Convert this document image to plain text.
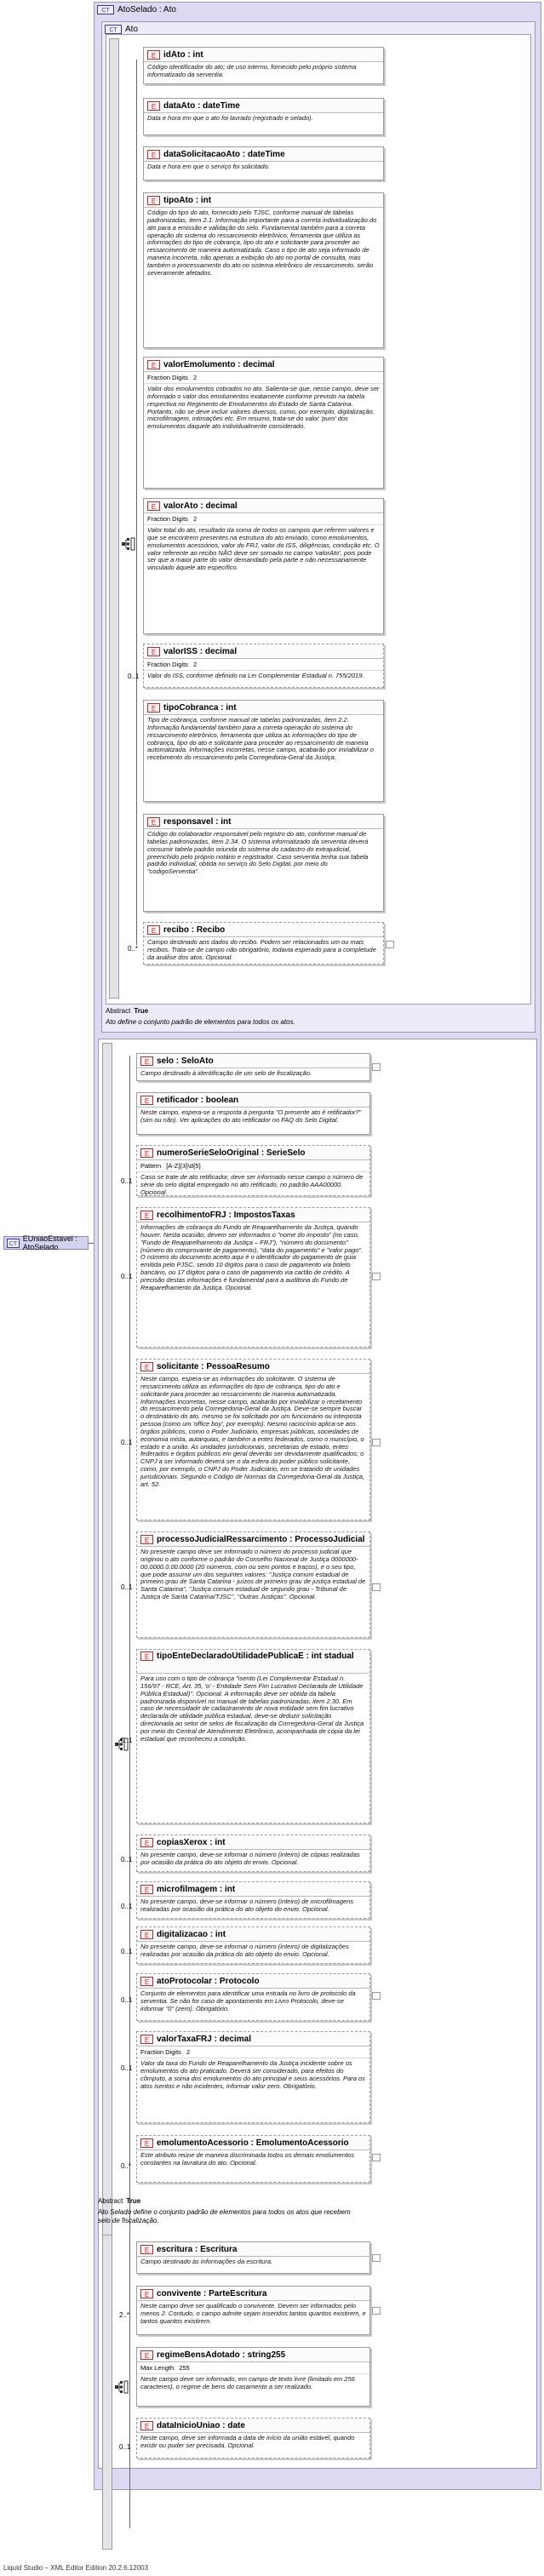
CT
EUniaoEstavel : AtoSelado
CT AtoSelado : Ato
CT Ato
E idAto : int
Código identificador do ato; de uso interno, fornecido pelo próprio sistema informatizado da serventia.
E dataAto : dateTime
Data e hora em que o ato foi lavrado (registrado e selado).
E dataSolicitacaoAto : dateTime
Data e hora em que o serviço foi solicitado.
E tipoAto : int
Código do tipo do ato, fornecido pelo TJSC, conforme manual de tabelas padronizadas, item 2.1. Informação importante para a correta individualização do ato para a emissão e validação do selo. Fundamental também para a correta operação do sistema do ressarcimento eletrônico, ferramenta que utiliza as informações do tipo de cobrança, tipo do ato e solicitante para proceder ao ressarcimento de maneira automatizada. Caso o tipo de ato seja informado de maneira incorreta, não apenas a exibição do ato no portal de consulta, mas também o processamento do ato no sistema eletrônico de ressarcimento, serão severamente afetados.
E valorEmolumento : decimal
Fraction Digits 2
Valor dos emolumentos cobrados no ato. Salienta-se que, nesse campo, deve ser informado o valor dos emolumentos exatamente conforme previsto na tabela respectiva no Regimento de Emolumentos do Estado de Santa Catarina. Portanto, não se deve incluir valores diversos, como, por exemplo, digitalização, microfilmagem, intimações etc. Em resumo, trata-se do valor 'puro' dos emolumentos daquele ato individualmente considerado.
E valorAto : decimal
Fraction Digits 2
Valor total do ato, resultado da soma de todos os campos que referem valores e que se encontrem presentes na estrutura do ato enviado, como emolumentos, emolumentos acessórios, valor do FRJ, valor do ISS, diligências, condução etc. O valor referente ao recibo NÃO deve ser somado no campo 'valorAto', pois pode ser que a maior parte do valor demandado pela parte e não necessariamente vinculado àquele ato específico.
0..1
E valorISS : decimal
Fraction Digits 2
Valor do ISS, conforme definido na Lei Complementar Estadual n. 755/2019.
E tipoCobranca : int
Tipo de cobrança, conforme manual de tabelas padronizadas, item 2.2. Informação fundamental também para a correta operação do sistema do ressarcimento eletrônico, ferramenta que utiliza as informações do tipo de cobrança, tipo do ato e solicitante para proceder ao ressarcimento de maneira automatizada. Informações incorretas, nesse campo, acabarão por inviabilizar o recebimento do ressarcimento pela Corregedoria-Geral da Justiça.
E responsavel : int
Código do colaborador responsável pelo registro do ato, conforme manual de tabelas padronizadas, item 2.34. O sistema informatizado da serventia deverá consumir tabela padrão oriunda do sistema do cadastro do extrajudicial, preenchido pelo próprio notário e registrador. Caso serventia tenha sua tabela padrão individual, obtida no serviço do Selo Digital, por meio do "codigoServentia".
0..*
E recibo : Recibo
Campo destinado aos dados do recibo. Podem ser relacionados um ou mais recibos. Trata-se de campo não obrigatório, todavia esperado para a completude da análise dos atos. Opcional.
Abstract True
Ato define o conjunto padrão de elementos para todos os atos.
E selo : SeloAto
Campo destinado à identificação de um selo de fiscalização.
E retificador : boolean
Neste campo, espera-se a resposta à pergunta "O presente ato é retificador?" (sim ou não). Ver aplicações do ato retificador no FAQ do Selo Digital.
0..1
E numeroSerieSeloOriginal : SerieSelo
Pattern [A-Z]{3}\d{5}
Caso se trate de ato retificador, deve ser informado nesse campo o número de série do selo digital empregado no ato retificado, no padrão AAA00000. Opcional.
0..1
E recolhimentoFRJ : ImpostosTaxas
Informações de cobrança do Fundo de Reaparelhamento da Justiça, quando houver. Nesta ocasião, devem ser informados o "nome do imposto" (no caso, "Fundo de Reaparelhamento da Justiça – FRJ"), "número do documento" (número do comprovante de pagamento), "data do pagamento" e "valor pago". O número do documento aceito aqui é o identificador do pagamento de guia emitida pelo PJSC, sendo 10 dígitos para o caso de pagamento via boleto bancário, ou 17 dígitos para o caso de pagamento via cartão de crédito. A precisão destas informações é fundamental para a auditoria do Fundo de Reaparelhamento da Justiça. Opcional.
0..1
E solicitante : PessoaResumo
Neste campo, espera-se as informações do solicitante. O sistema de ressarcimento utiliza as informações do tipo de cobrança, tipo do ato e solicitante para proceder ao ressarcimento de maneira automatizada. Informações incorretas, nesse campo, acabarão por inviabilizar o recebimento do ressarcimento pela Corregedoria-Geral da Justiça. Deve-se sempre buscar o destinatário do ato, mesmo se foi solicitado por um funcionário ou interposta pessoa (como um 'office boy', por exemplo). Nesmo raciocínio aplica-se aos órgãos públicos, como o Poder Judiciário, empresas públicas, sociedades de economia mista, autarquias, e também a entes federados, como o município, o estado e a união. As unidades jurisdicionais, secretarias de estado, entes federados e órgãos públicos em geral deverão ser devidamente qualificados; o CNPJ a ser informado deverá ser o da esfera do poder público solicitante, como, por exemplo, o CNPJ do Poder Judiciário, em se tratando de unidades jurisdicionais. Segundo o Código de Normas da Corregedoria-Geral da Justiça, art. 52.
0..1
E processoJudicialRessarcimento : ProcessoJudicial
No presente campo deve ser informado o número do processo judicial que originou o ato conforme o padrão do Conselho Nacional de Justiça 0000000-00.0000.0.00.0000 (20 números, com ou sem pontos e traços), e o seu tipo, que pode assumir um dos seguintes valores: "Justiça comum estadual de primeiro grau de Santa Catarina - juízos de primeiro grau de justiça estadual de Santa Catarina", "Justiça comum estadual de segundo grau - Tribunal de Justiça de Santa Catarina/TJSC", "Outras Justiças". Opcional.
0..1
E tipoEnteDeclaradoUtilidadePublicaE : int stadual
Para uso com o tipo de cobrança "isento (Lei Complementar Estadual n. 156/97 - RCE, Art. 35, 'o' - Entidade Sem Fim Lucrativo Declarada de Utilidade Pública Estadual)". Opcional. A informação deve ser obtida da tabela padronizada disponível no manual de tabelas padronizadas, item 2.30. Em caso de necessidade de cadastramento de nova entidade sem fim lucrativo declarada de utilidade pública estadual, deve-se deduzir solicitação direcionada ao setor de selos de fiscalização da Corregedoria-Geral da Justiça por meio do Central de Atendimento Eletrônico, acompanhada de cópia da lei estadual que reconheceu a condição.
0..1
E copiasXerox : int
No presente campo, deve-se informar o número (inteiro) de cópias realizadas por ocasião da prática do ato objeto do envio. Opcional.
0..1
E microfilmagem : int
No presente campo, deve-se informar o número (inteiro) de microfilmagens realizadas por ocasião da prática do ato objeto do envio. Opcional.
0..1
E digitalizacao : int
No presente campo, deve-se informar o número (inteiro) de digitalizações realizadas por ocasião da prática do ato objeto do envio. Opcional.
0..1
E atoProtocolar : Protocolo
Conjunto de elementos para identificar uma entrada no livro de protocolo da serventia. Se não for caso de apontamento em Livro Protocolo, deve-se informar "0" (zero). Obrigatório.
0..1
E valorTaxaFRJ : decimal
Fraction Digits 2
Valor da taxa do Fundo de Reaparelhamento da Justiça incidente sobre os emolumentos do ato praticado. Deverá ser considerado, para efeitos do cômputo, a soma dos emolumentos do ato principal e seus acessórios. Para os atos isentos e não incidentes, informar valor zero. Obrigatório.
0..*
E emolumentoAcessorio : EmolumentoAcessorio
Este atributo reúne de maneira discriminada todos os demais emolumentos constantes na lavratura do ato. Opcional.
Abstract True
Ato Selado define o conjunto padrão de elementos para todos os atos que recebem selo de fiscalização.
E escritura : Escritura
Campo destinado às informações da escritura.
2..*
E convivente : ParteEscritura
Neste campo deve ser qualificado o convivente. Devem ser informados pelo menos 2. Contudo, o campo admite sejam inseridos tantos quantos existirem, e tantos quantos existirem.
E regimeBensAdotado : string255
Max Length 255
Neste campo deve ser informado, em campo de texto livre (limitado em 256 caracteres), o regime de bens do casamento a ser realizado.
0..1
E dataInicioUniao : date
Neste campo, deve ser informada a data de início da união estável, quando existir ou puder ser precisada. Opcional.
Liquid Studio – XML Editor Edition 20.2.6.12003
